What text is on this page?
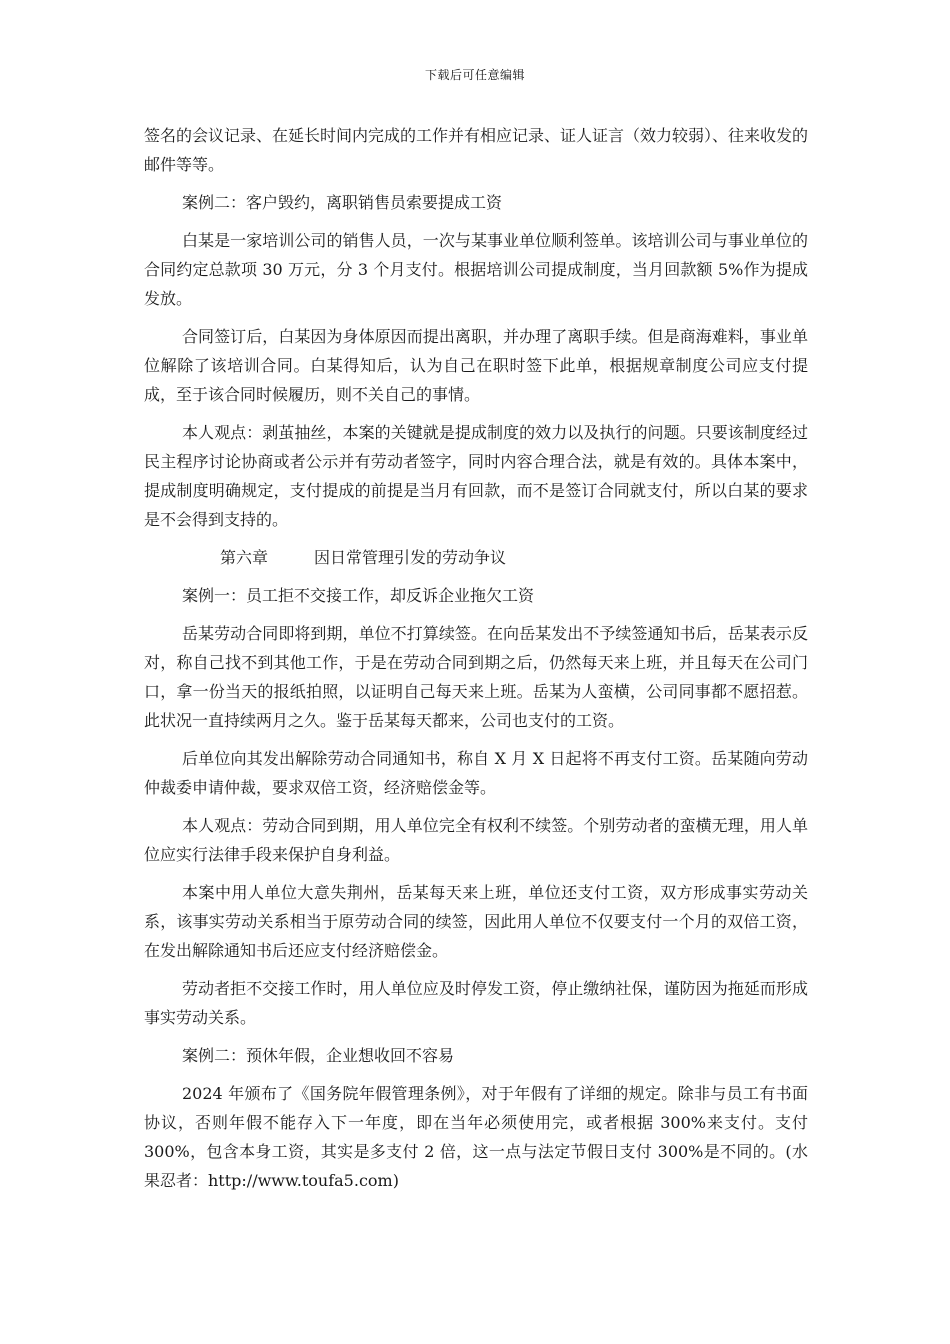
下载后可任意编辑

签名的会议记录、在延长时间内完成的工作并有相应记录、证人证言（效力较弱）、往来收发的邮件等等。

案例二：客户毁约，离职销售员索要提成工资

白某是一家培训公司的销售人员，一次与某事业单位顺利签单。该培训公司与事业单位的合同约定总款项 30 万元，分 3 个月支付。根据培训公司提成制度，当月回款额 5%作为提成发放。

合同签订后，白某因为身体原因而提出离职，并办理了离职手续。但是商海难料，事业单位解除了该培训合同。白某得知后，认为自己在职时签下此单，根据规章制度公司应支付提成，至于该合同时候履历，则不关自己的事情。

本人观点：剥茧抽丝，本案的关键就是提成制度的效力以及执行的问题。只要该制度经过民主程序讨论协商或者公示并有劳动者签字，同时内容合理合法，就是有效的。具体本案中，提成制度明确规定，支付提成的前提是当月有回款，而不是签订合同就支付，所以白某的要求是不会得到支持的。

第六章	因日常管理引发的劳动争议

案例一：员工拒不交接工作，却反诉企业拖欠工资

岳某劳动合同即将到期，单位不打算续签。在向岳某发出不予续签通知书后，岳某表示反对，称自己找不到其他工作，于是在劳动合同到期之后，仍然每天来上班，并且每天在公司门口，拿一份当天的报纸拍照，以证明自己每天来上班。岳某为人蛮横，公司同事都不愿招惹。此状况一直持续两月之久。鉴于岳某每天都来，公司也支付的工资。

后单位向其发出解除劳动合同通知书，称自 X 月 X 日起将不再支付工资。岳某随向劳动仲裁委申请仲裁，要求双倍工资，经济赔偿金等。

本人观点：劳动合同到期，用人单位完全有权利不续签。个别劳动者的蛮横无理，用人单位应实行法律手段来保护自身利益。

本案中用人单位大意失荆州，岳某每天来上班，单位还支付工资，双方形成事实劳动关系，该事实劳动关系相当于原劳动合同的续签，因此用人单位不仅要支付一个月的双倍工资，在发出解除通知书后还应支付经济赔偿金。

劳动者拒不交接工作时，用人单位应及时停发工资，停止缴纳社保，谨防因为拖延而形成事实劳动关系。

案例二：预休年假，企业想收回不容易

2024 年颁布了《国务院年假管理条例》，对于年假有了详细的规定。除非与员工有书面协议，否则年假不能存入下一年度，即在当年必须使用完，或者根据 300%来支付。支付 300%，包含本身工资，其实是多支付 2 倍，这一点与法定节假日支付 300%是不同的。(水果忍者：http://www.toufa5.com)
